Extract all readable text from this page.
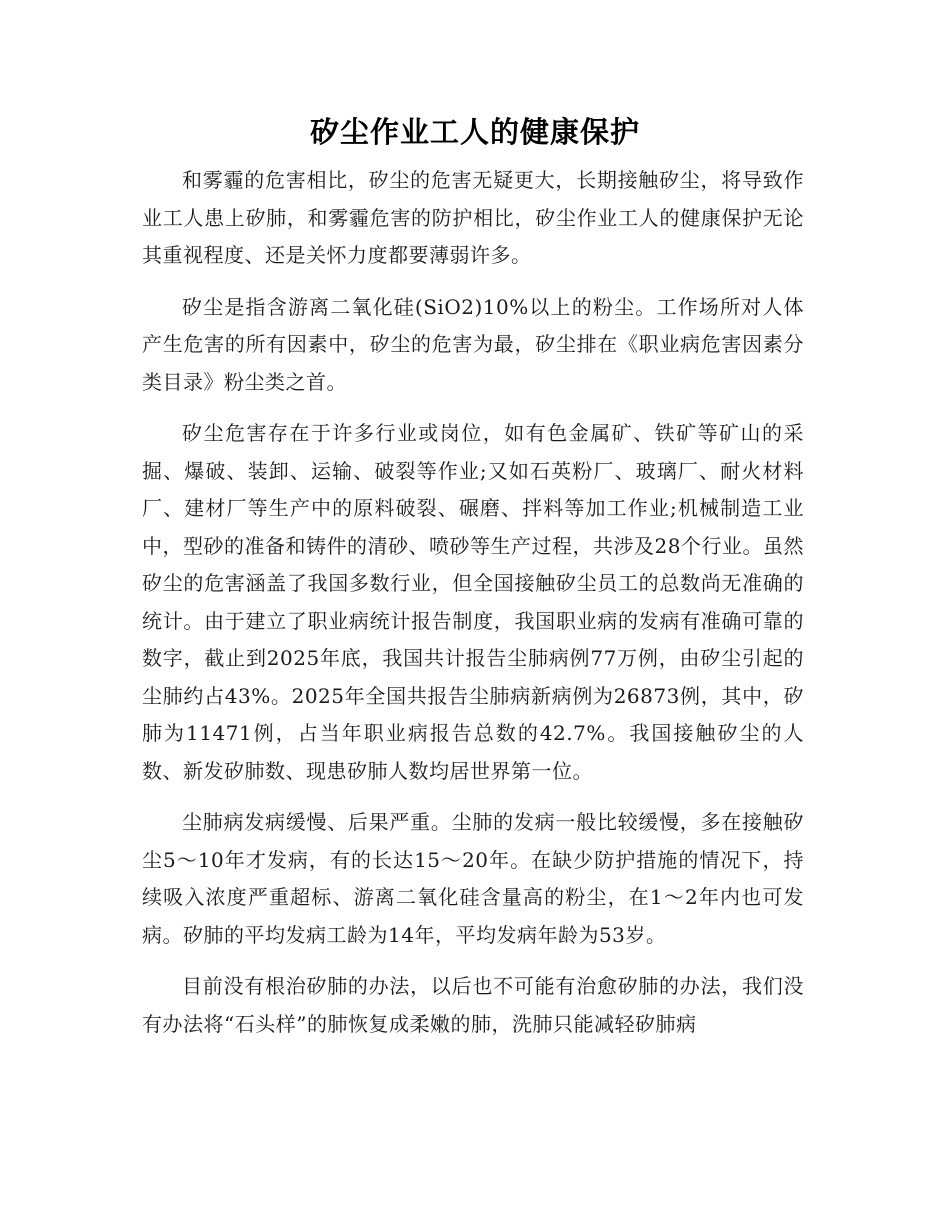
矽尘作业工人的健康保护

和雾霾的危害相比，矽尘的危害无疑更大，长期接触矽尘，将导致作业工人患上矽肺，和雾霾危害的防护相比，矽尘作业工人的健康保护无论其重视程度、还是关怀力度都要薄弱许多。

矽尘是指含游离二氧化硅(SiO2)10%以上的粉尘。工作场所对人体产生危害的所有因素中，矽尘的危害为最，矽尘排在《职业病危害因素分类目录》粉尘类之首。

矽尘危害存在于许多行业或岗位，如有色金属矿、铁矿等矿山的采掘、爆破、装卸、运输、破裂等作业;又如石英粉厂、玻璃厂、耐火材料厂、建材厂等生产中的原料破裂、碾磨、拌料等加工作业;机械制造工业中，型砂的准备和铸件的清砂、喷砂等生产过程，共涉及28个行业。虽然矽尘的危害涵盖了我国多数行业，但全国接触矽尘员工的总数尚无准确的统计。由于建立了职业病统计报告制度，我国职业病的发病有准确可靠的数字，截止到2025年底，我国共计报告尘肺病例77万例，由矽尘引起的尘肺约占43%。2025年全国共报告尘肺病新病例为26873例，其中，矽肺为11471例，占当年职业病报告总数的42.7%。我国接触矽尘的人数、新发矽肺数、现患矽肺人数均居世界第一位。

尘肺病发病缓慢、后果严重。尘肺的发病一般比较缓慢，多在接触矽尘5～10年才发病，有的长达15～20年。在缺少防护措施的情况下，持续吸入浓度严重超标、游离二氧化硅含量高的粉尘，在1～2年内也可发病。矽肺的平均发病工龄为14年，平均发病年龄为53岁。

目前没有根治矽肺的办法，以后也不可能有治愈矽肺的办法，我们没有办法将“石头样”的肺恢复成柔嫩的肺，洗肺只能减轻矽肺病
